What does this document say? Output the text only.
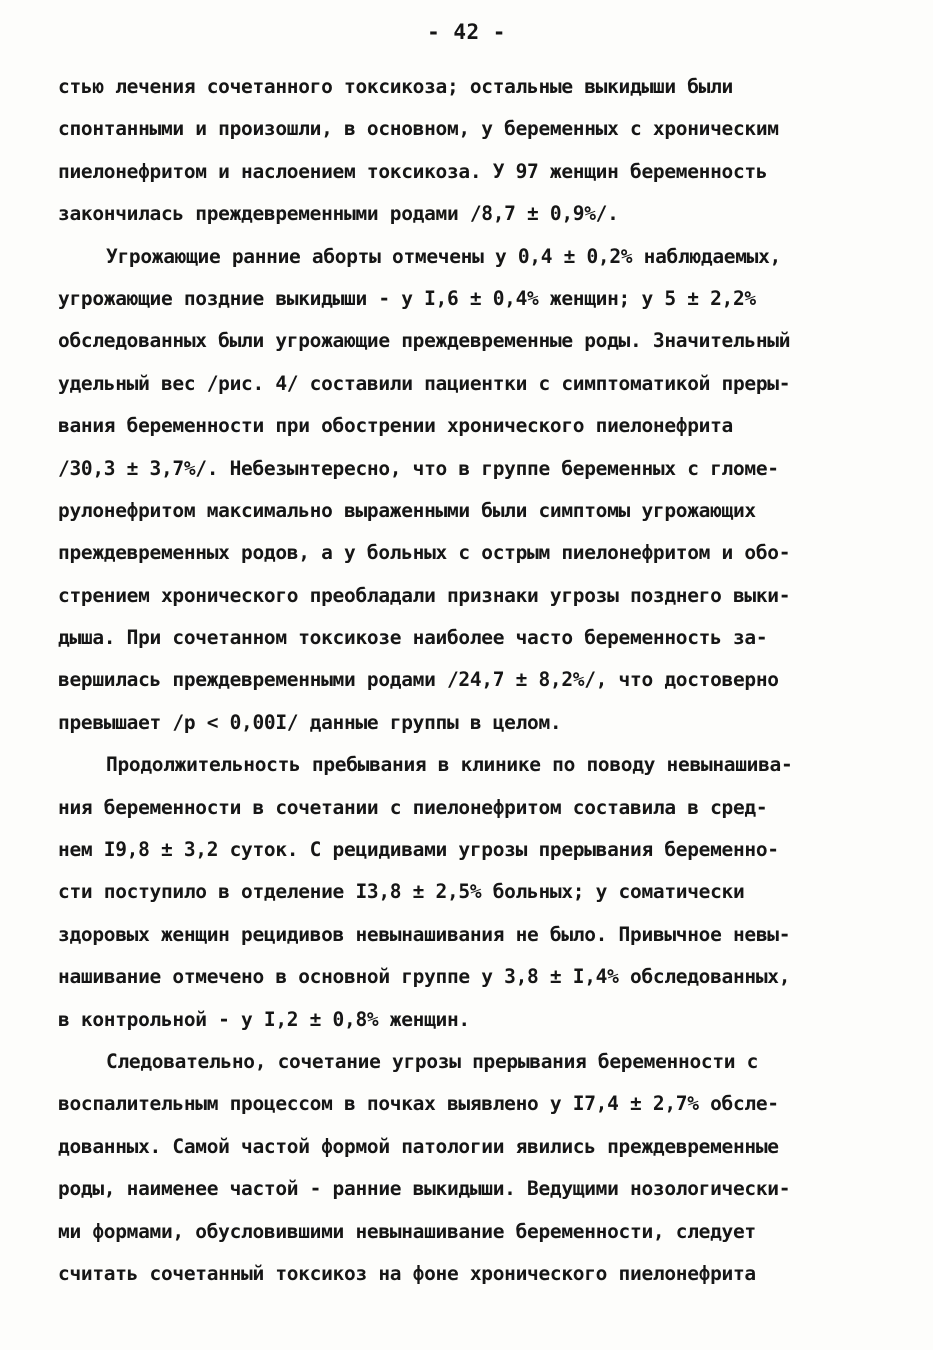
- 42 -
стью лечения сочетанного токсикоза; остальные выкидыши были
спонтанными и произошли, в основном, у беременных с хроническим
пиелонефритом и наслоением токсикоза. У 97 женщин беременность
закончилась преждевременными родами /8,7 ± 0,9%/.
Угрожающие ранние аборты отмечены у 0,4 ± 0,2% наблюдаемых,
угрожающие поздние выкидыши - у I,6 ± 0,4% женщин; у 5 ± 2,2%
обследованных были угрожающие преждевременные роды. Значительный
удельный вес /рис. 4/ составили пациентки с симптоматикой преры-
вания беременности при обострении хронического пиелонефрита
/30,3 ± 3,7%/. Небезынтересно, что в группе беременных с гломе-
рулонефритом максимально выраженными были симптомы угрожающих
преждевременных родов, а у больных с острым пиелонефритом и обо-
стрением хронического преобладали признаки угрозы позднего выки-
дыша. При сочетанном токсикозе наиболее часто беременность за-
вершилась преждевременными родами /24,7 ± 8,2%/, что достоверно
превышает /р < 0,00I/ данные группы в целом.
Продолжительность пребывания в клинике по поводу невынашива-
ния беременности в сочетании с пиелонефритом составила в сред-
нем I9,8 ± 3,2 суток. С рецидивами угрозы прерывания беременно-
сти поступило в отделение I3,8 ± 2,5% больных; у соматически
здоровых женщин рецидивов невынашивания не было. Привычное невы-
нашивание отмечено в основной группе у 3,8 ± I,4% обследованных,
в контрольной - у I,2 ± 0,8% женщин.
Следовательно, сочетание угрозы прерывания беременности с
воспалительным процессом в почках выявлено у I7,4 ± 2,7% обсле-
дованных. Самой частой формой патологии явились преждевременные
роды, наименее частой - ранние выкидыши. Ведущими нозологически-
ми формами, обусловившими невынашивание беременности, следует
считать сочетанный токсикоз на фоне хронического пиелонефрита
